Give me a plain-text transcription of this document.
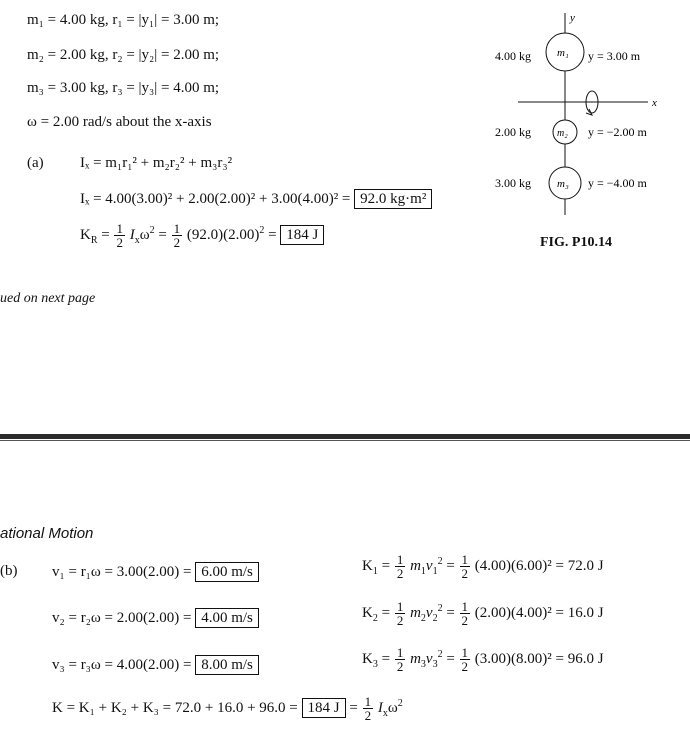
m₁ = 4.00 kg, r₁ = |y₁| = 3.00 m;
m₂ = 2.00 kg, r₂ = |y₂| = 2.00 m;
m₃ = 3.00 kg, r₃ = |y₃| = 4.00 m;
ω = 2.00 rad/s about the x-axis
(a) Iₓ = m₁r₁² + m₂r₂² + m₃r₃²
Iₓ = 4.00(3.00)² + 2.00(2.00)² + 3.00(4.00)² = 92.0 kg·m²
$K_R = \frac{1}{2} I_x\omega^2 = \frac{1}{2} (92.0)(2.00)^2 = 184$ J
y
x
m₁
4.00 kg	y = 3.00 m
m₂
2.00 kg	y = −2.00 m
m₃
3.00 kg	y = −4.00 m
FIG. P10.14
ued on next page
ational Motion
(b) v₁ = r₁ω = 3.00(2.00) = 6.00 m/s
v₂ = r₂ω = 2.00(2.00) = 4.00 m/s
v₃ = r₃ω = 4.00(2.00) = 8.00 m/s
$K_1 = \frac{1}{2} m_1v_1^2 = \frac{1}{2} (4.00)(6.00)^2 = 72.0$ J
$K_2 = \frac{1}{2} m_2v_2^2 = \frac{1}{2} (2.00)(4.00)^2 = 16.0$ J
$K_3 = \frac{1}{2} m_3v_3^2 = \frac{1}{2} (3.00)(8.00)^2 = 96.0$ J
K = K₁ + K₂ + K₃ = 72.0 + 16.0 + 96.0 = 184 $J = \frac{1}{2} I_x\omega^2$
